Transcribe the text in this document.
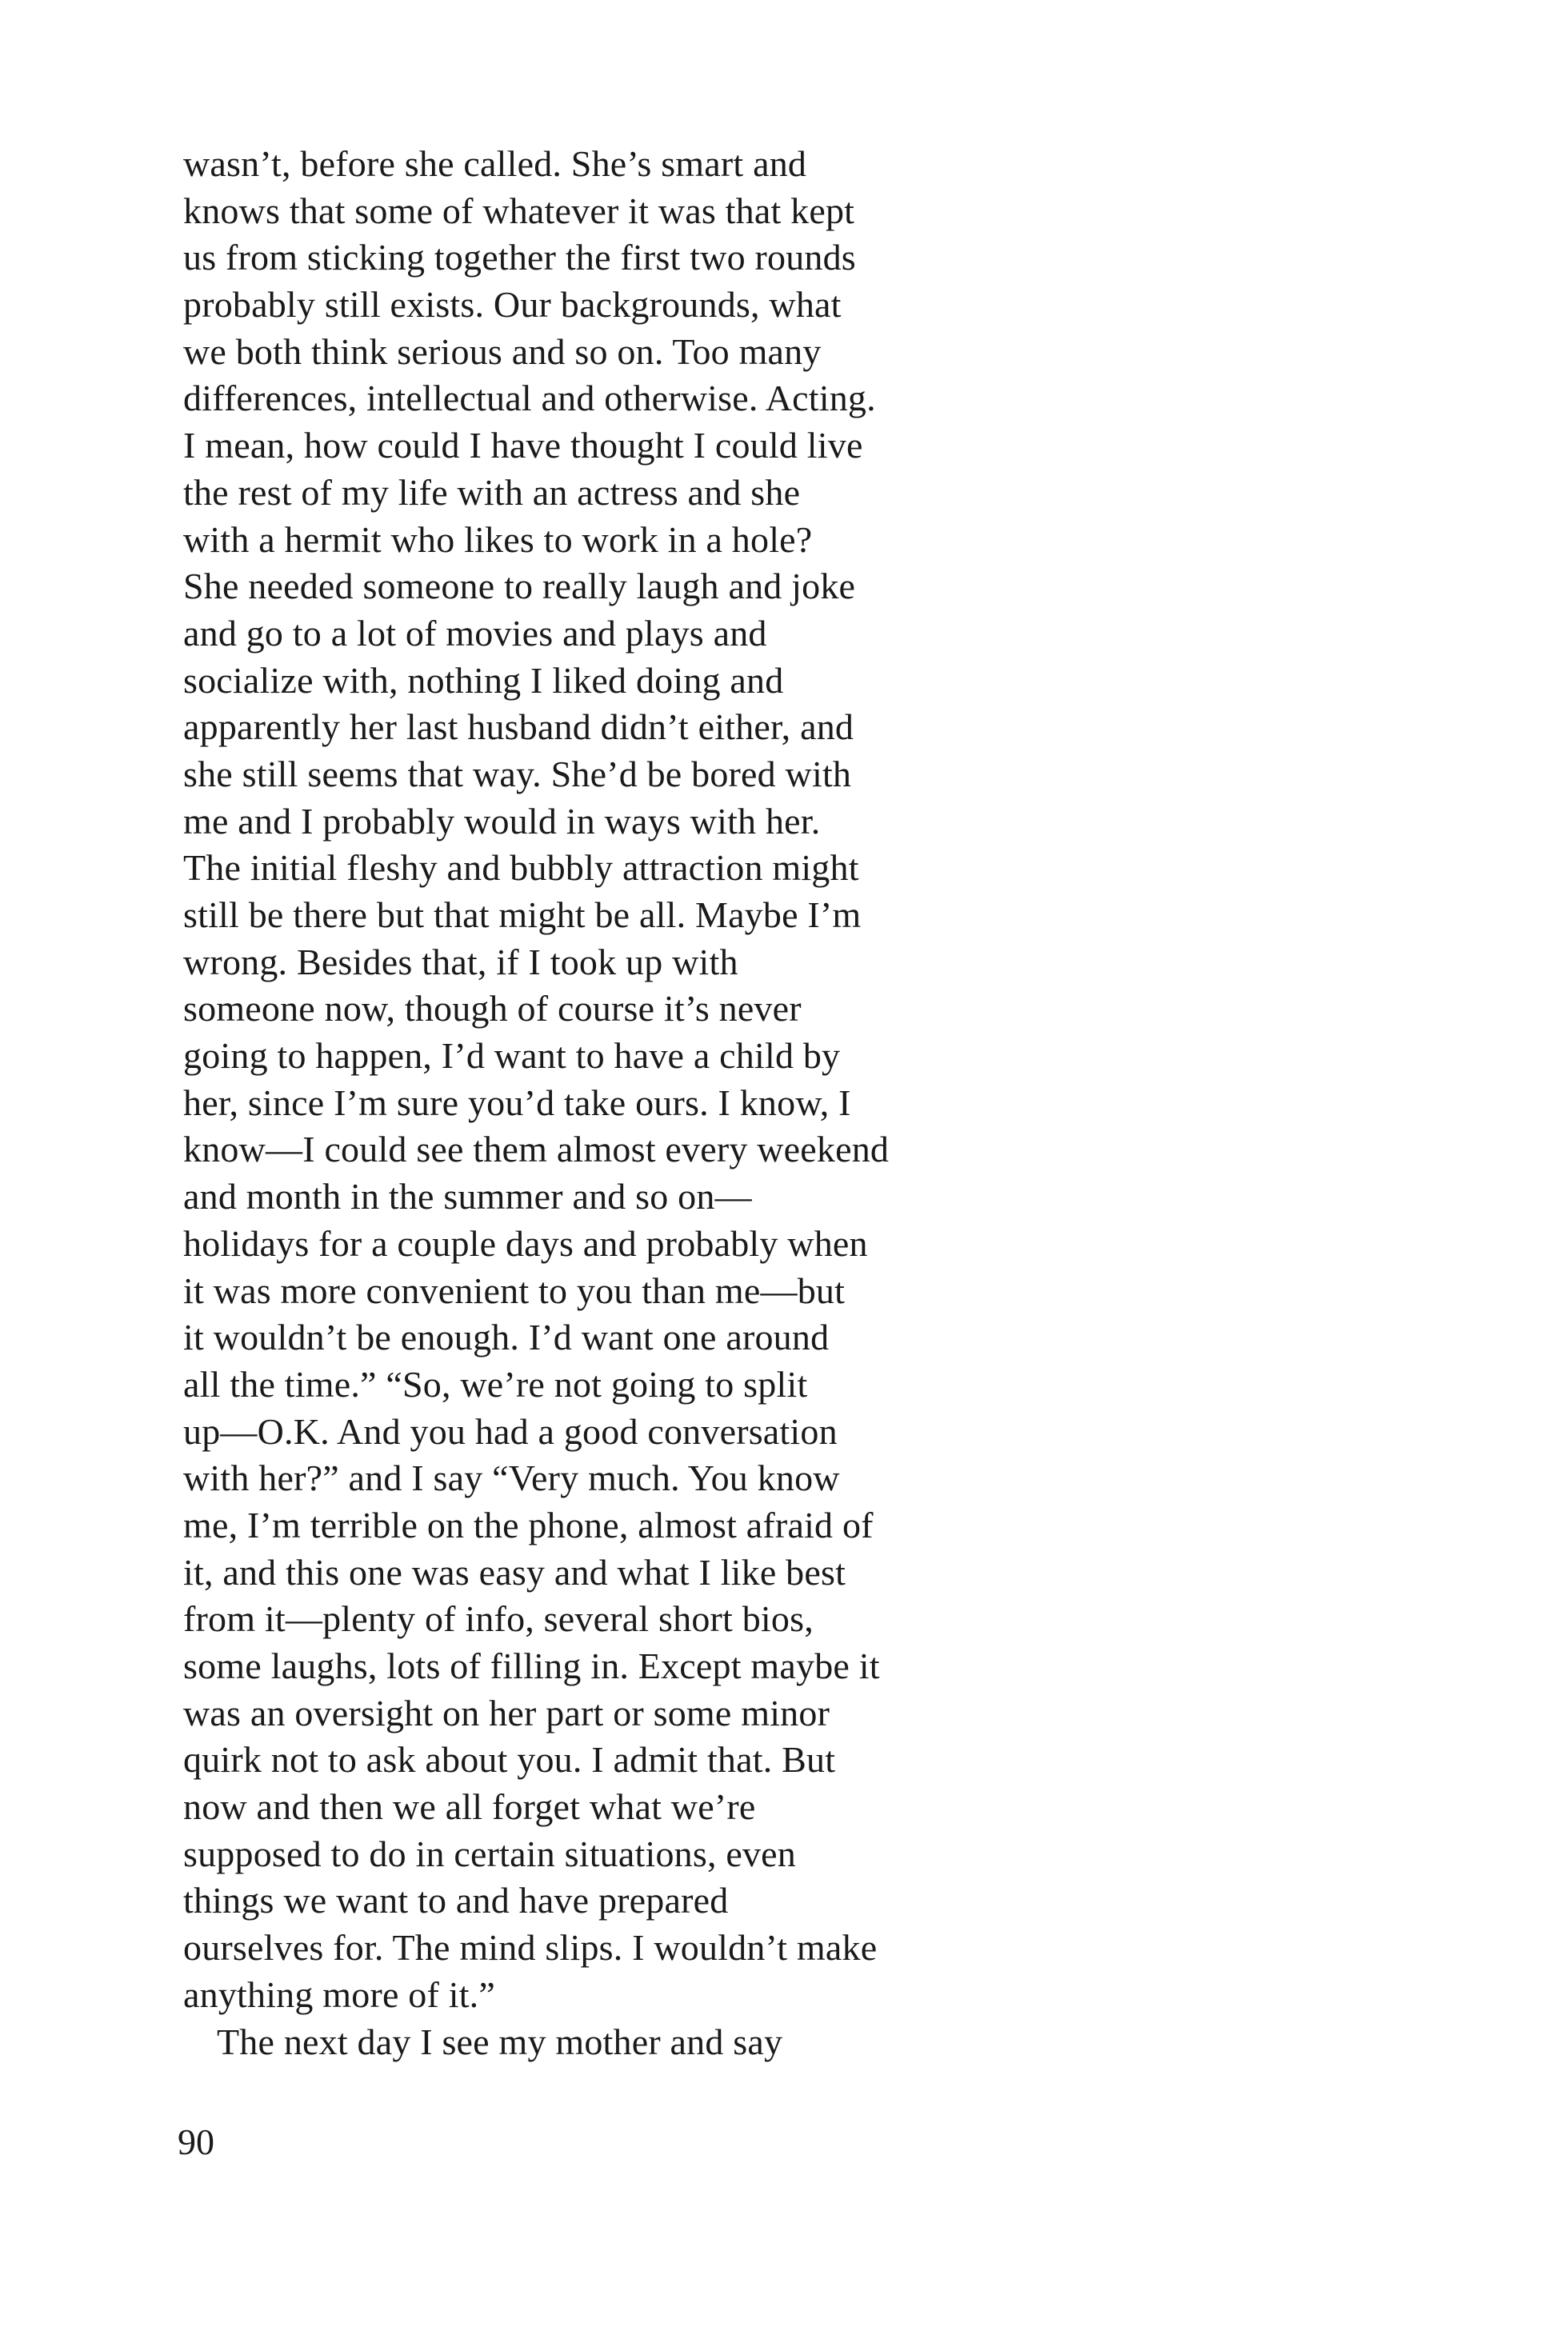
wasn’t, before she called. She’s smart and
knows that some of whatever it was that kept
us from sticking together the first two rounds
probably still exists. Our backgrounds, what
we both think serious and so on. Too many
differences, intellectual and otherwise. Acting.
I mean, how could I have thought I could live
the rest of my life with an actress and she
with a hermit who likes to work in a hole?
She needed someone to really laugh and joke
and go to a lot of movies and plays and
socialize with, nothing I liked doing and
apparently her last husband didn’t either, and
she still seems that way. She’d be bored with
me and I probably would in ways with her.
The initial fleshy and bubbly attraction might
still be there but that might be all. Maybe I’m
wrong. Besides that, if I took up with
someone now, though of course it’s never
going to happen, I’d want to have a child by
her, since I’m sure you’d take ours. I know, I
know—I could see them almost every weekend
and month in the summer and so on—
holidays for a couple days and probably when
it was more convenient to you than me—but
it wouldn’t be enough. I’d want one around
all the time.” “So, we’re not going to split
up—O.K. And you had a good conversation
with her?” and I say “Very much. You know
me, I’m terrible on the phone, almost afraid of
it, and this one was easy and what I like best
from it—plenty of info, several short bios,
some laughs, lots of filling in. Except maybe it
was an oversight on her part or some minor
quirk not to ask about you. I admit that. But
now and then we all forget what we’re
supposed to do in certain situations, even
things we want to and have prepared
ourselves for. The mind slips. I wouldn’t make
anything more of it.”
The next day I see my mother and say
90
